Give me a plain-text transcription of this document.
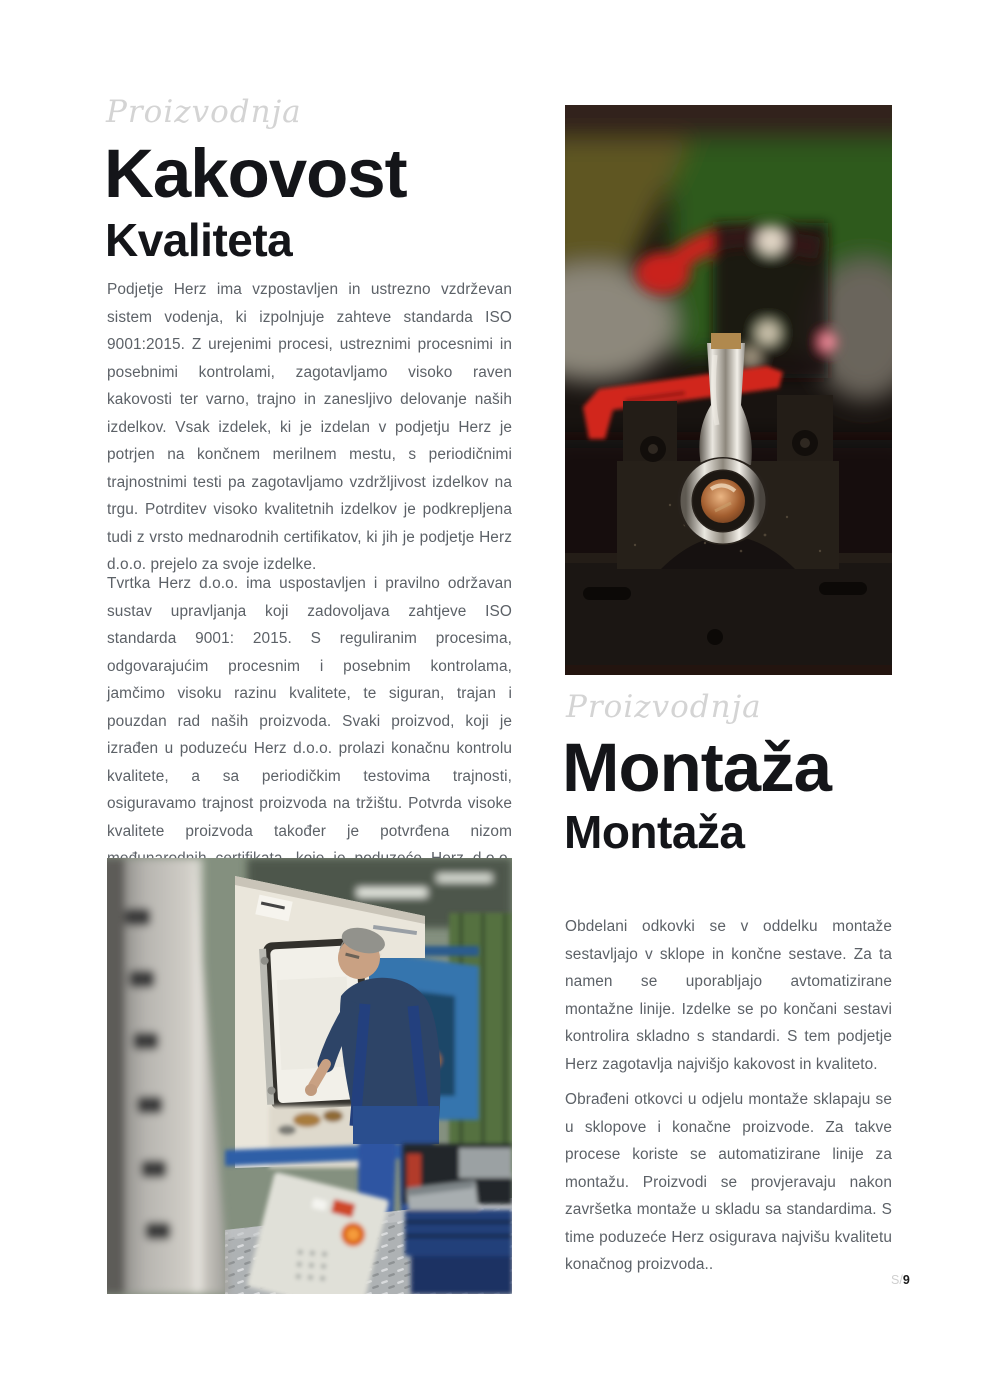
Proizvodnja
Kakovost
Kvaliteta

Podjetje Herz ima vzpostavljen in ustrezno vzdrževan sistem vodenja, ki izpolnjuje zahteve standarda ISO 9001:2015. Z urejenimi procesi, ustreznimi procesnimi in posebnimi kontrolami, zagotavljamo visoko raven kakovosti ter varno, trajno in zanesljivo delovanje naših izdelkov. Vsak izdelek, ki je izdelan v podjetju Herz je potrjen na končnem merilnem mestu, s periodičnimi trajnostnimi testi pa zagotavljamo vzdržljivost izdelkov na trgu. Potrditev visoko kvalitetnih izdelkov je podkrepljena tudi z vrsto mednarodnih certifikatov, ki jih je podjetje Herz d.o.o. prejelo za svoje izdelke.

Tvrtka Herz d.o.o. ima uspostavljen i pravilno održavan sustav upravljanja koji zadovoljava zahtjeve ISO standarda 9001: 2015. S reguliranim procesima, odgovarajućim procesnim i posebnim kontrolama, jamčimo visoku razinu kvalitete, te siguran, trajan i pouzdan rad naših proizvoda. Svaki proizvod, koji je izrađen u poduzeću Herz d.o.o. prolazi konačnu kontrolu kvalitete, a sa periodičkim testovima trajnosti, osiguravamo trajnost proizvoda na tržištu. Potvrda visoke kvalitete proizvoda također je potvrđena nizom

Proizvodnja
Montaža
Montaža

Obdelani odkovki se v oddelku montaže sestavljajo v sklope in končne sestave. Za ta namen se uporabljajo avtomatizirane montažne linije. Izdelke se po končani sestavi kontrolira skladno s standardi. S tem podjetje Herz zagotavlja najvišjo kakovost in kvaliteto.

Obrađeni otkovci u odjelu montaže sklapaju se u sklopove i konačne proizvode. Za takve procese koriste se automatizirane linije za montažu. Proizvodi se provjeravaju nakon završetka montaže u skladu sa standardima. S time poduzeće Herz osigurava najvišu kvalitetu konačnog proizvoda..

S/9
